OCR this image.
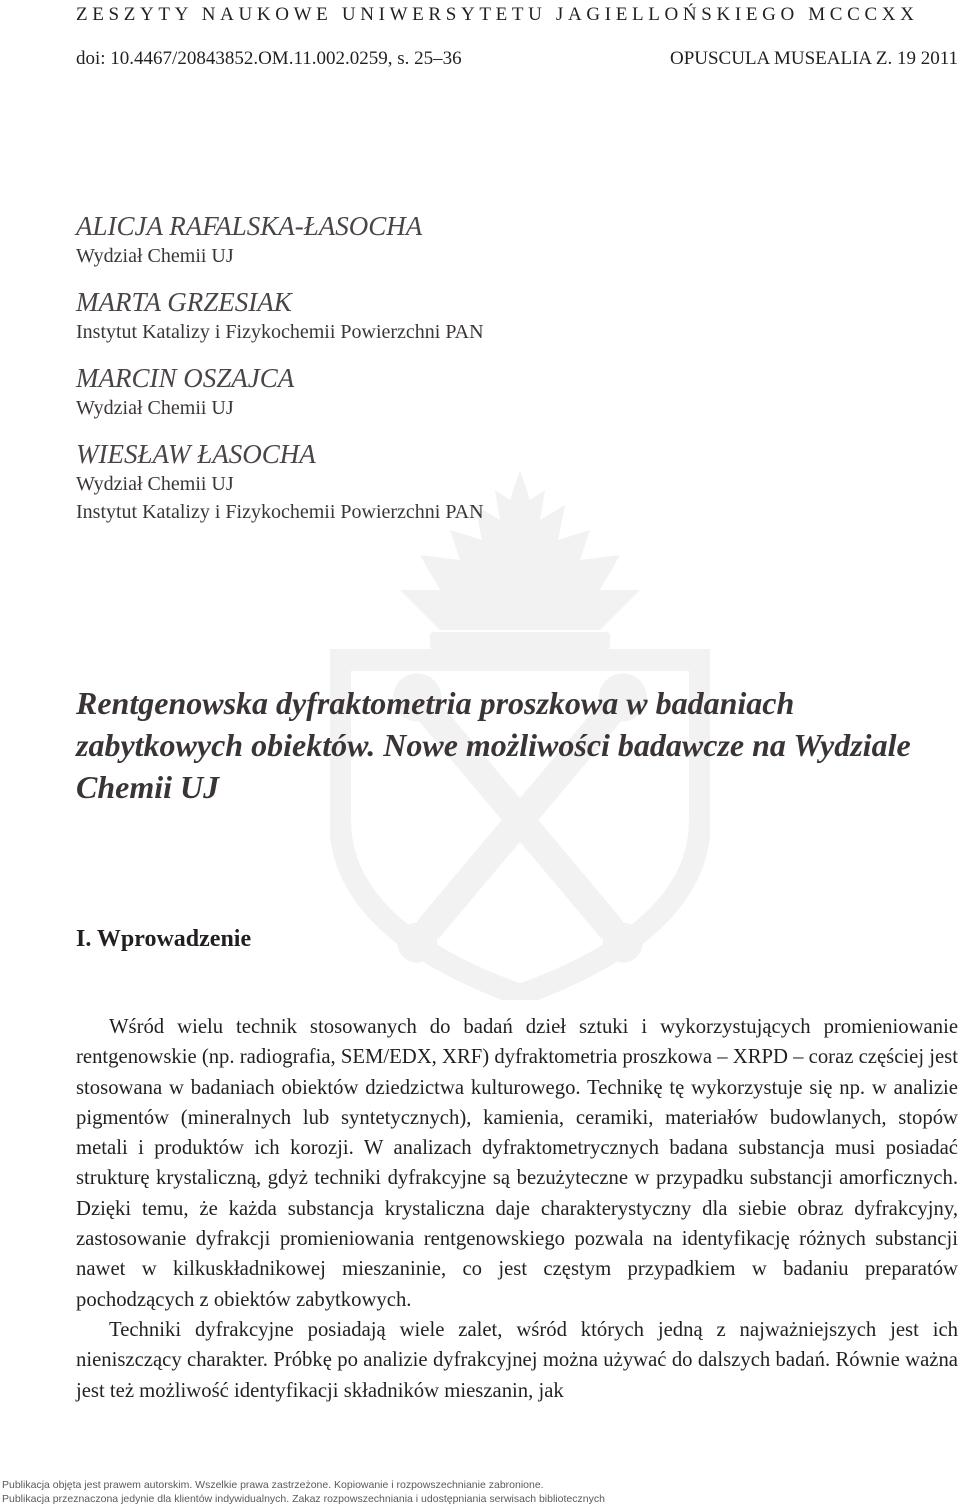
ZESZYTY NAUKOWE UNIWERSYTETU JAGIELLOŃSKIEGO MCCCXX
doi: 10.4467/20843852.OM.11.002.0259, s. 25–36	OPUSCULA MUSEALIA Z. 19 2011

ALICJA RAFALSKA-ŁASOCHA

Wydział Chemii UJ

MARTA GRZESIAK

Instytut Katalizy i Fizykochemii Powierzchni PAN

MARCIN OSZAJCA

Wydział Chemii UJ

WIESŁAW ŁASOCHA

Wydział Chemii UJ

Instytut Katalizy i Fizykochemii Powierzchni PAN

Rentgenowska dyfraktometria proszkowa w badaniach zabytkowych obiektów. Nowe możliwości badawcze na Wydziale Chemii UJ
I. Wprowadzenie

Wśród wielu technik stosowanych do badań dzieł sztuki i wykorzystujących promieniowanie rentgenowskie (np. radiografia, SEM/EDX, XRF) dyfraktometria proszkowa – XRPD – coraz częściej jest stosowana w badaniach obiektów dziedzictwa kulturowego. Technikę tę wykorzystuje się np. w analizie pigmentów (mineralnych lub syntetycznych), kamienia, ceramiki, materiałów budowlanych, stopów metali i produktów ich korozji. W analizach dyfraktometrycznych badana substancja musi posiadać strukturę krystaliczną, gdyż techniki dyfrakcyjne są bezużyteczne w przypadku substancji amorficznych. Dzięki temu, że każda substancja krystaliczna daje charakterystyczny dla siebie obraz dyfrakcyjny, zastosowanie dyfrakcji promieniowania rentgenowskiego pozwala na identyfikację różnych substancji nawet w kilkuskładnikowej mieszaninie, co jest częstym przypadkiem w badaniu preparatów pochodzących z obiektów zabytkowych.

Techniki dyfrakcyjne posiadają wiele zalet, wśród których jedną z najważniejszych jest ich nieniszczący charakter. Próbkę po analizie dyfrakcyjnej można używać do dalszych badań. Równie ważna jest też możliwość identyfikacji składników mieszanin, jak

Publikacja objęta jest prawem autorskim. Wszelkie prawa zastrzeżone. Kopiowanie i rozpowszechnianie zabronione.
Publikacja przeznaczona jedynie dla klientów indywidualnych. Zakaz rozpowszechniania i udostępniania serwisach bibliotecznych
